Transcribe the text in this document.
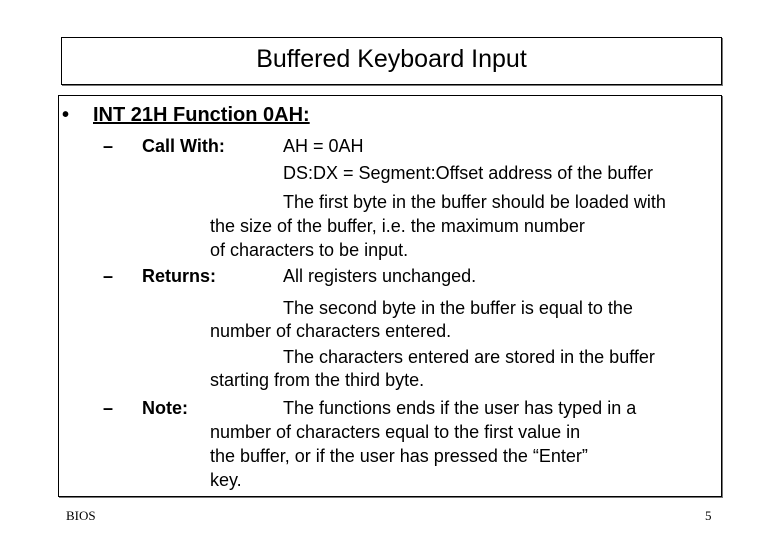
Buffered Keyboard Input
• INT 21H Function 0AH:
– Call With:	AH = 0AH
DS:DX = Segment:Offset address of the buffer
The first byte in the buffer should be loaded with
the size of the buffer, i.e. the maximum number
of characters to be input.
– Returns:	All registers unchanged.
The second byte in the buffer is equal to the
number of characters entered.
The characters entered are stored in the buffer
starting from the third byte.
– Note:	The functions ends if the user has typed in a
number of characters equal to the first value in
the buffer, or if the user has pressed the “Enter”
key.
BIOS	5
